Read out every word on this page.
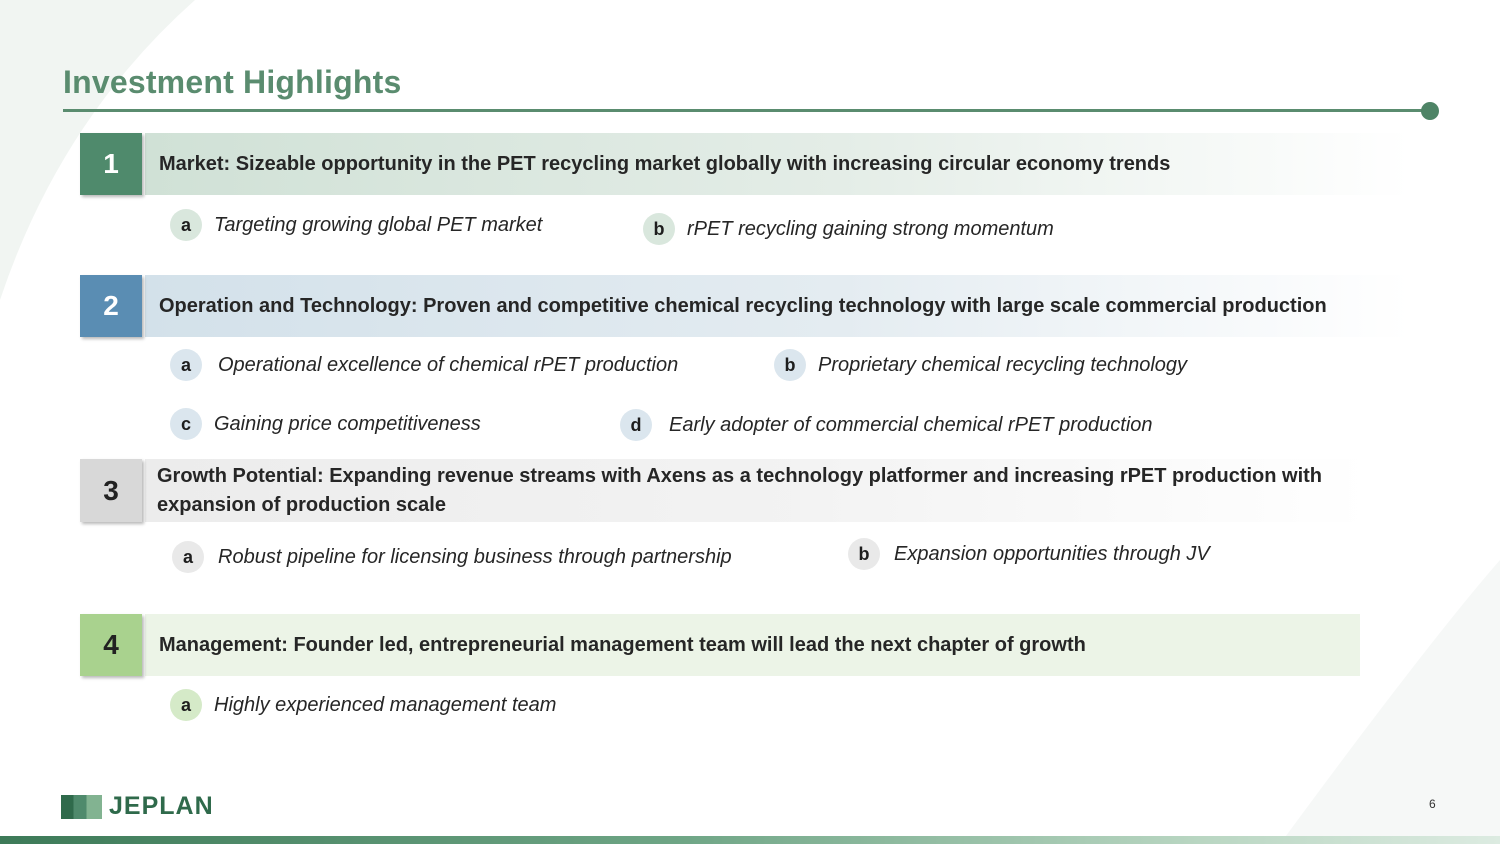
Investment Highlights
Market: Sizeable opportunity in the PET recycling market globally with increasing circular economy trends
1
a	Targeting growing global PET market	b	rPET recycling gaining strong momentum
Operation and Technology: Proven and competitive chemical recycling technology with large scale commercial production
2
a	Operational excellence of chemical rPET production	b	Proprietary chemical recycling technology
c	Gaining price competitiveness	d	Early adopter of commercial chemical rPET production
Growth Potential: Expanding revenue streams with Axens as a technology platformer and increasing rPET production with expansion of production scale
3
a	Robust pipeline for licensing business through partnership	b	Expansion opportunities through JV
Management: Founder led, entrepreneurial management team will lead the next chapter of growth
4
a	Highly experienced management team
JEPLAN	6
